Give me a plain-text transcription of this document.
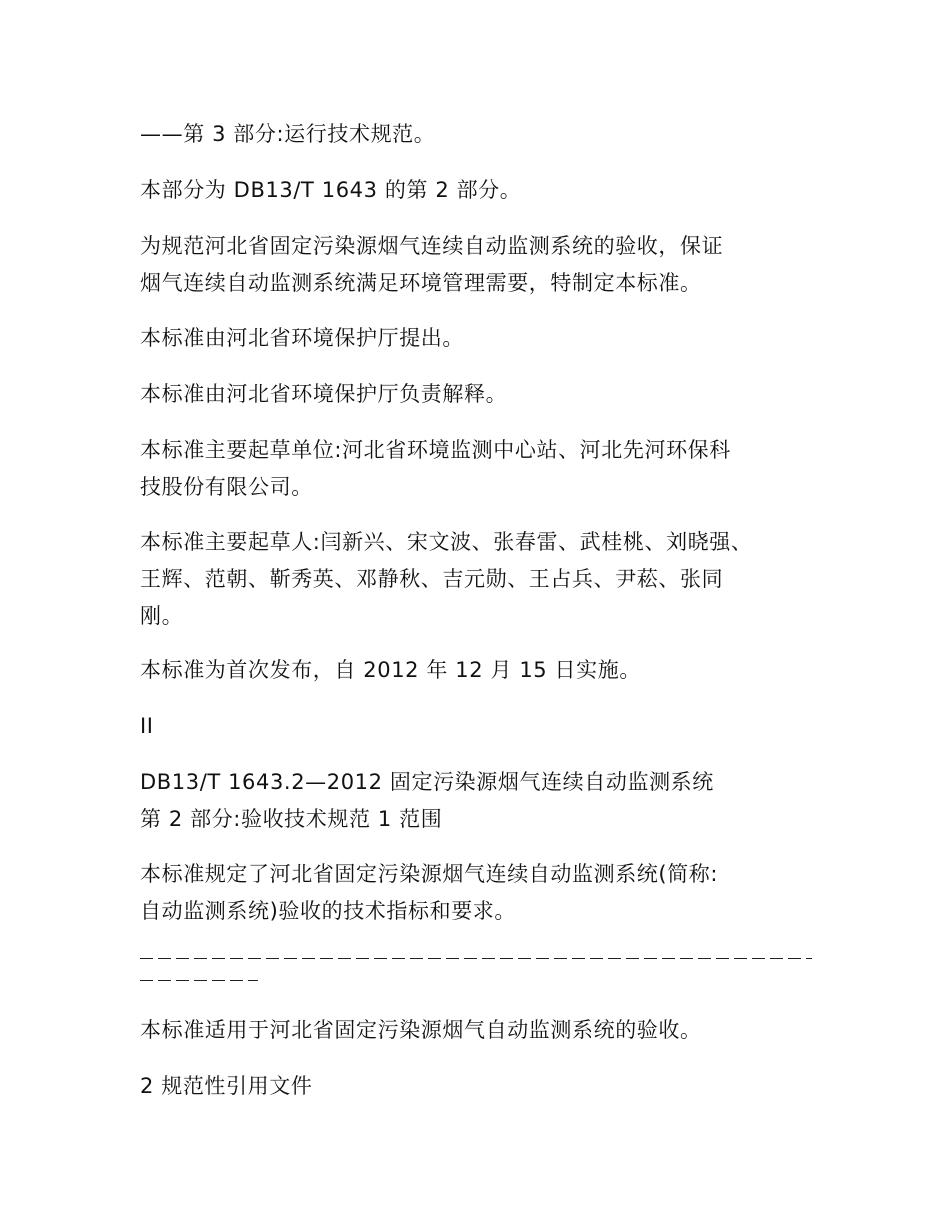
——第 3 部分:运行技术规范。

本部分为 DB13/T 1643 的第 2 部分。

为规范河北省固定污染源烟气连续自动监测系统的验收，保证
烟气连续自动监测系统满足环境管理需要，特制定本标准。

本标准由河北省环境保护厅提出。

本标准由河北省环境保护厅负责解释。

本标准主要起草单位:河北省环境监测中心站、河北先河环保科
技股份有限公司。

本标准主要起草人:闫新兴、宋文波、张春雷、武桂桃、刘晓强、
王辉、范朝、靳秀英、邓静秋、吉元勋、王占兵、尹菘、张同
刚。

本标准为首次发布，自 2012 年 12 月 15 日实施。

II

DB13/T 1643.2—2012 固定污染源烟气连续自动监测系统
第 2 部分:验收技术规范 1 范围

本标准规定了河北省固定污染源烟气连续自动监测系统(简称:
自动监测系统)验收的技术指标和要求。

本标准适用于河北省固定污染源烟气自动监测系统的验收。

2 规范性引用文件
